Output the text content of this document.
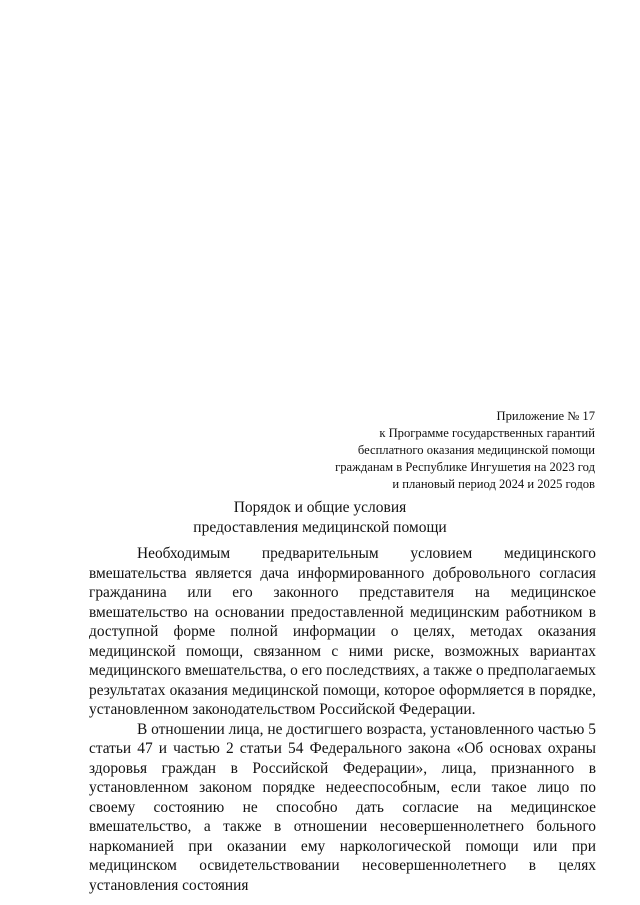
Приложение № 17
к Программе государственных гарантий
бесплатного оказания медицинской помощи
гражданам в Республике Ингушетия на 2023 год
и плановый период 2024 и 2025 годов
Порядок и общие условия
предоставления медицинской помощи

Необходимым предварительным условием медицинского вмешательства является дача информированного добровольного согласия гражданина или его законного представителя на медицинское вмешательство на основании предоставленной медицинским работником в доступной форме полной информации о целях, методах оказания медицинской помощи, связанном с ними риске, возможных вариантах медицинского вмешательства, о его последствиях, а также о предполагаемых результатах оказания медицинской помощи, которое оформляется в порядке, установленном законодательством Российской Федерации.

В отношении лица, не достигшего возраста, установленного частью 5 статьи 47 и частью 2 статьи 54 Федерального закона «Об основах охраны здоровья граждан в Российской Федерации», лица, признанного в установленном законом порядке недееспособным, если такое лицо по своему состоянию не способно дать согласие на медицинское вмешательство, а также в отношении несовершеннолетнего больного наркоманией при оказании ему наркологической помощи или при медицинском освидетельствовании несовершеннолетнего в целях установления состояния
